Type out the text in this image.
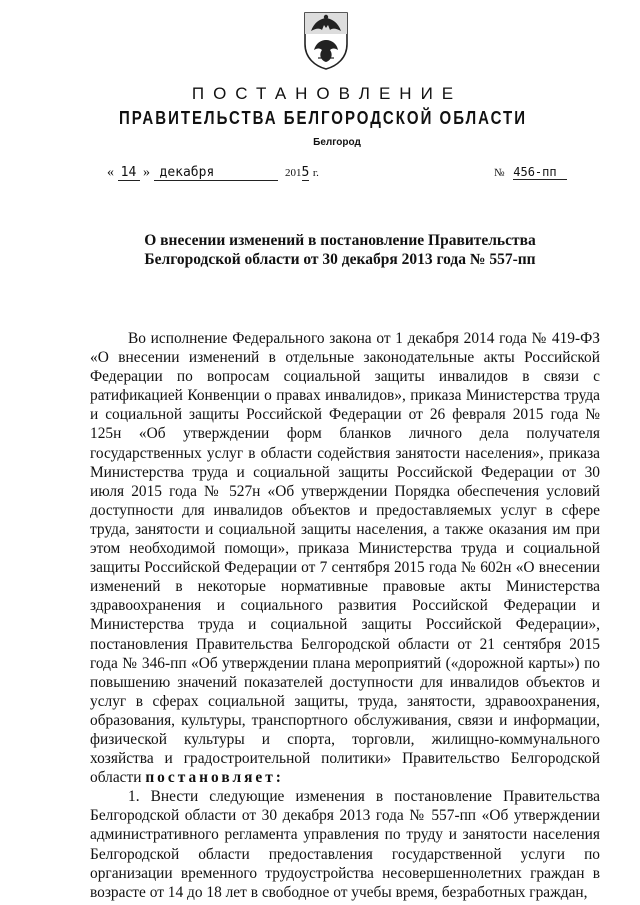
ПОСТАНОВЛЕНИЕ
ПРАВИТЕЛЬСТВА БЕЛГОРОДСКОЙ ОБЛАСТИ
Белгород
« 14 » декабря	2015 г.	№ 456-пп
О внесении изменений в постановление Правительства
Белгородской области от 30 декабря 2013 года № 557-пп

Во исполнение Федерального закона от 1 декабря 2014 года № 419-ФЗ «О внесении изменений в отдельные законодательные акты Российской Федерации по вопросам социальной защиты инвалидов в связи с ратификацией Конвенции о правах инвалидов», приказа Министерства труда и социальной защиты Российской Федерации от 26 февраля 2015 года № 125н «Об утверждении форм бланков личного дела получателя государственных услуг в области содействия занятости населения», приказа Министерства труда и социальной защиты Российской Федерации от 30 июля 2015 года № 527н «Об утверждении Порядка обеспечения условий доступности для инвалидов объектов и предоставляемых услуг в сфере труда, занятости и социальной защиты населения, а также оказания им при этом необходимой помощи», приказа Министерства труда и социальной защиты Российской Федерации от 7 сентября 2015 года № 602н «О внесении изменений в некоторые нормативные правовые акты Министерства здравоохранения и социального развития Российской Федерации и Министерства труда и социальной защиты Российской Федерации», постановления Правительства Белгородской области от 21 сентября 2015 года № 346-пп «Об утверждении плана мероприятий («дорожной карты») по повышению значений показателей доступности для инвалидов объектов и услуг в сферах социальной защиты, труда, занятости, здравоохранения, образования, культуры, транспортного обслуживания, связи и информации, физической культуры и спорта, торговли, жилищно-коммунального хозяйства и градостроительной политики» Правительство Белгородской области постановляет:

1. Внести следующие изменения в постановление Правительства Белгородской области от 30 декабря 2013 года № 557-пп «Об утверждении административного регламента управления по труду и занятости населения Белгородской области предоставления государственной услуги по организации временного трудоустройства несовершеннолетних граждан в возрасте от 14 до 18 лет в свободное от учебы время, безработных граждан,
